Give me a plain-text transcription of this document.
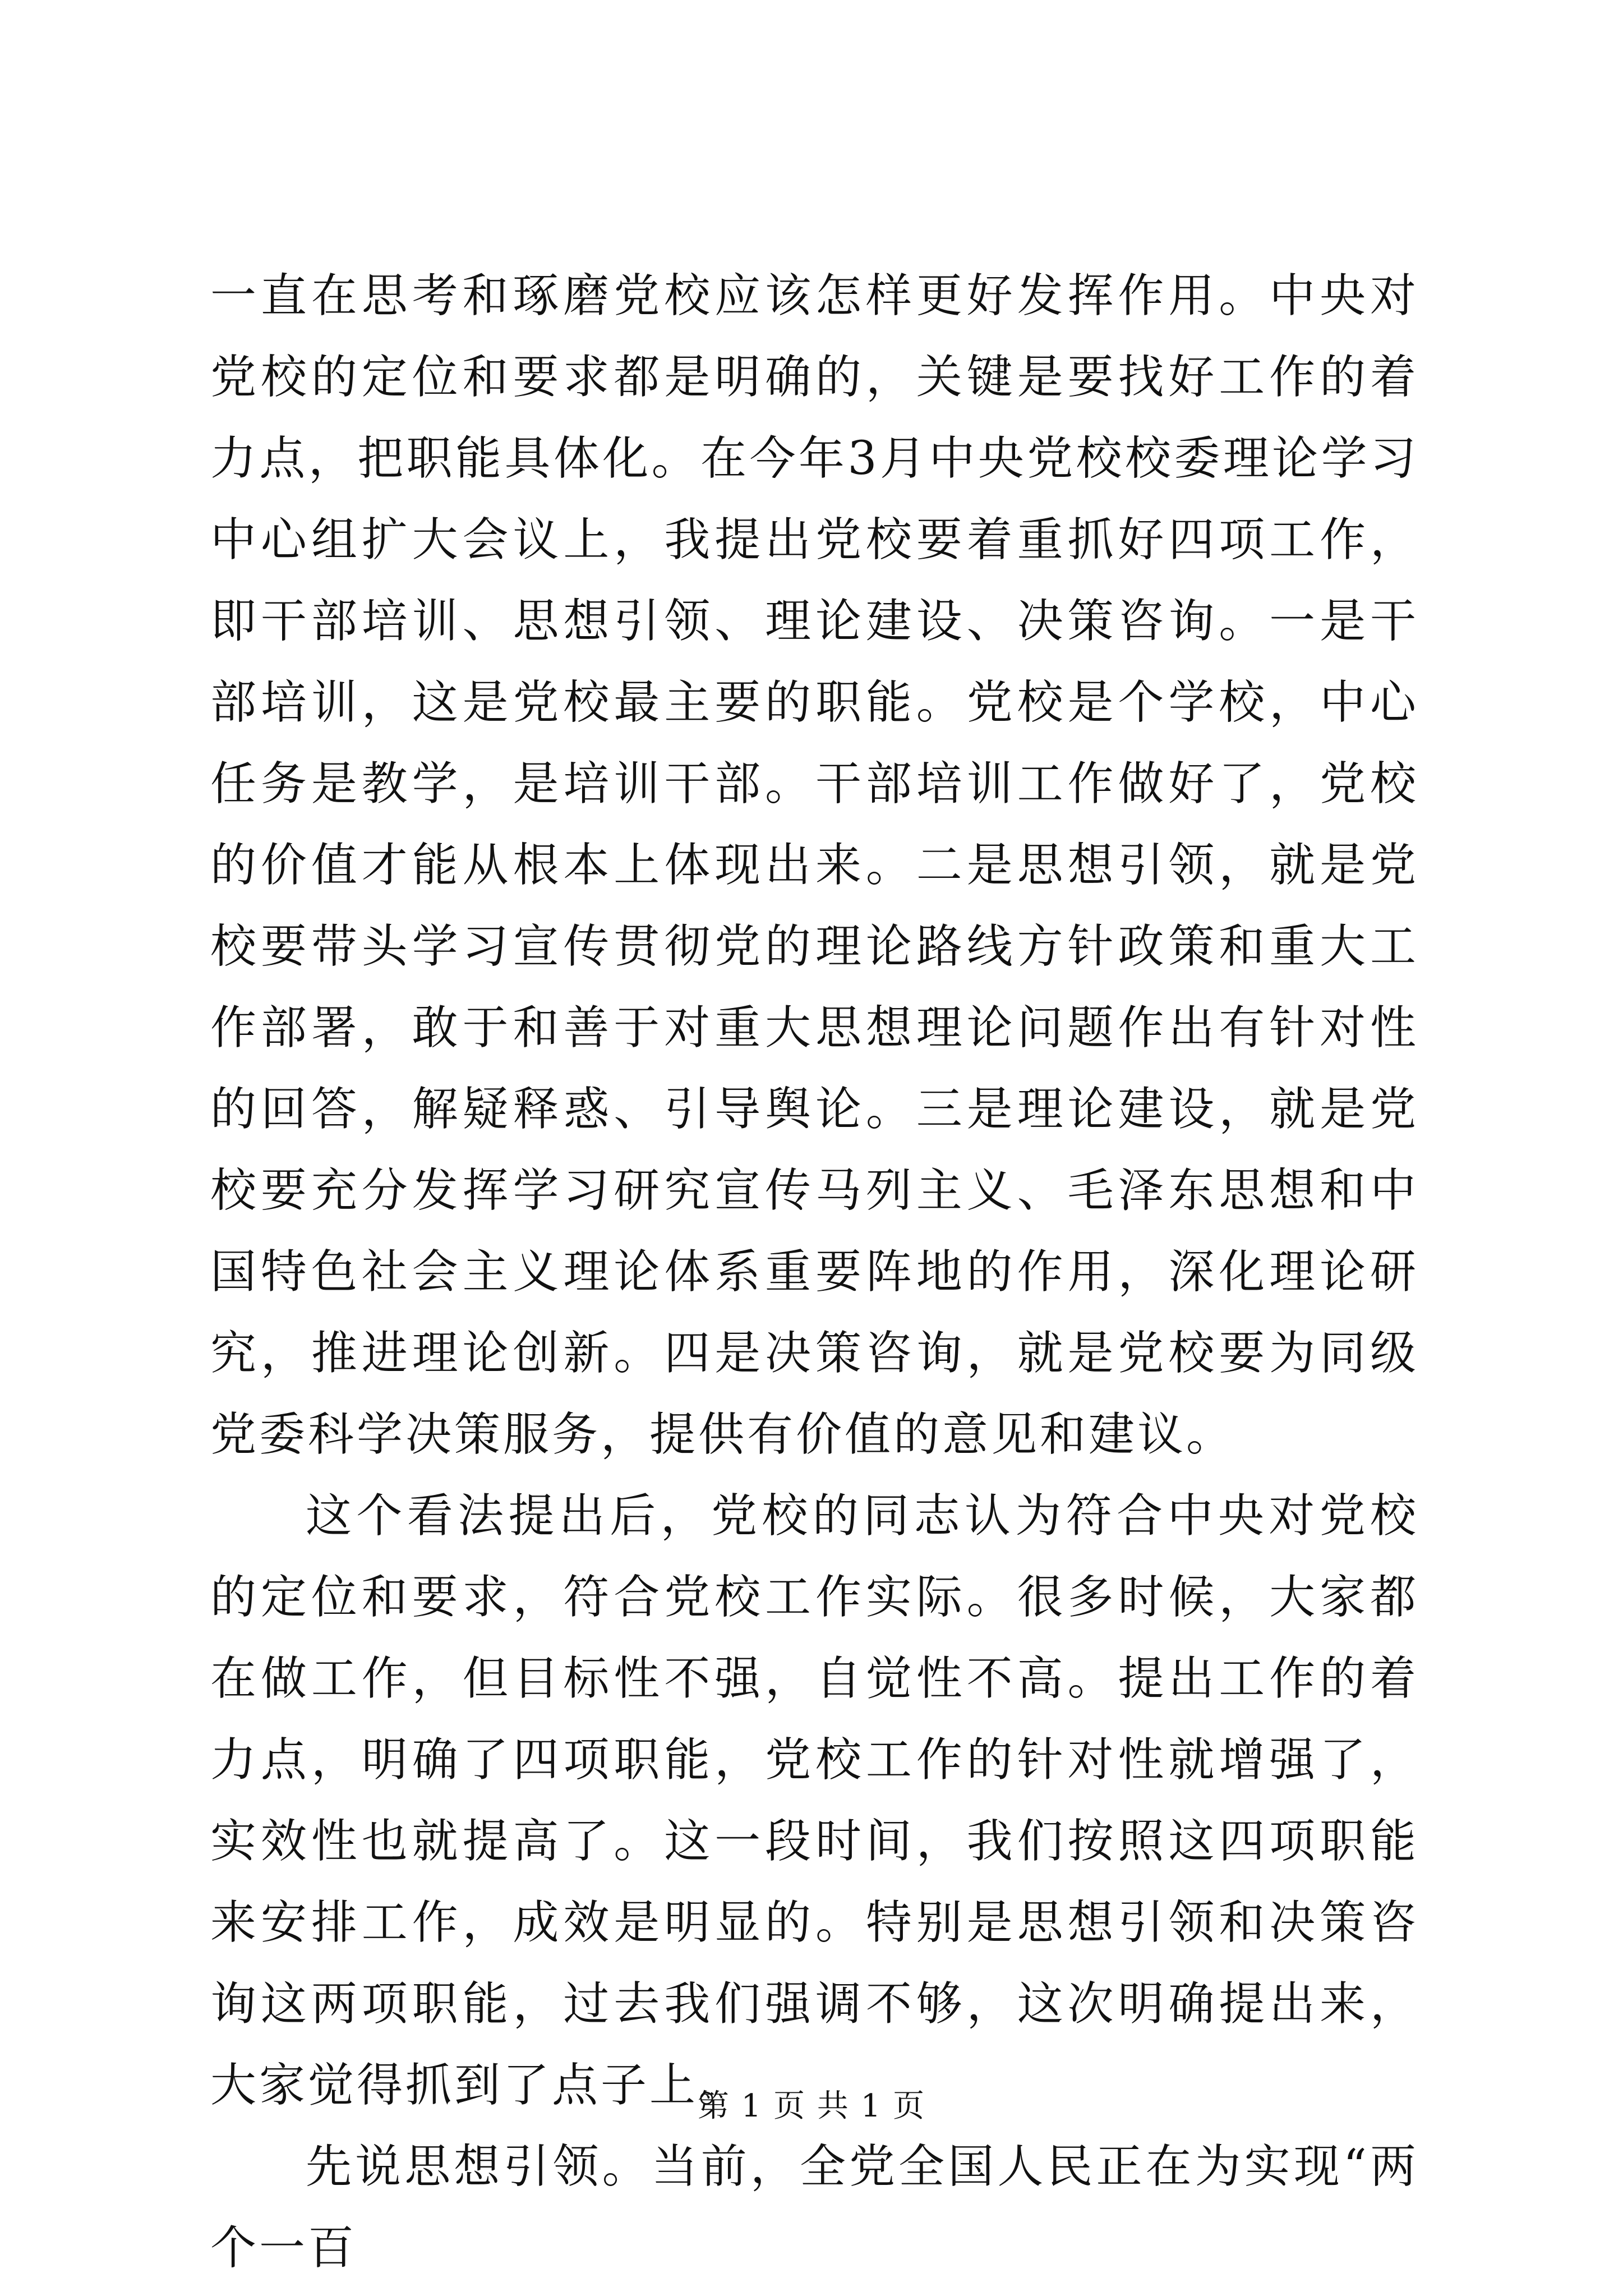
一直在思考和琢磨党校应该怎样更好发挥作用。中央对党校的定位和要求都是明确的，关键是要找好工作的着力点，把职能具体化。在今年3月中央党校校委理论学习中心组扩大会议上，我提出党校要着重抓好四项工作，即干部培训、思想引领、理论建设、决策咨询。一是干部培训，这是党校最主要的职能。党校是个学校，中心任务是教学，是培训干部。干部培训工作做好了，党校的价值才能从根本上体现出来。二是思想引领，就是党校要带头学习宣传贯彻党的理论路线方针政策和重大工作部署，敢于和善于对重大思想理论问题作出有针对性的回答，解疑释惑、引导舆论。三是理论建设，就是党校要充分发挥学习研究宣传马列主义、毛泽东思想和中国特色社会主义理论体系重要阵地的作用，深化理论研究，推进理论创新。四是决策咨询，就是党校要为同级党委科学决策服务，提供有价值的意见和建议。

这个看法提出后，党校的同志认为符合中央对党校的定位和要求，符合党校工作实际。很多时候，大家都在做工作，但目标性不强，自觉性不高。提出工作的着力点，明确了四项职能，党校工作的针对性就增强了，实效性也就提高了。这一段时间，我们按照这四项职能来安排工作，成效是明显的。特别是思想引领和决策咨询这两项职能，过去我们强调不够，这次明确提出来，大家觉得抓到了点子上。

先说思想引领。当前，全党全国人民正在为实现“两个一百

第 1 页 共 1 页
